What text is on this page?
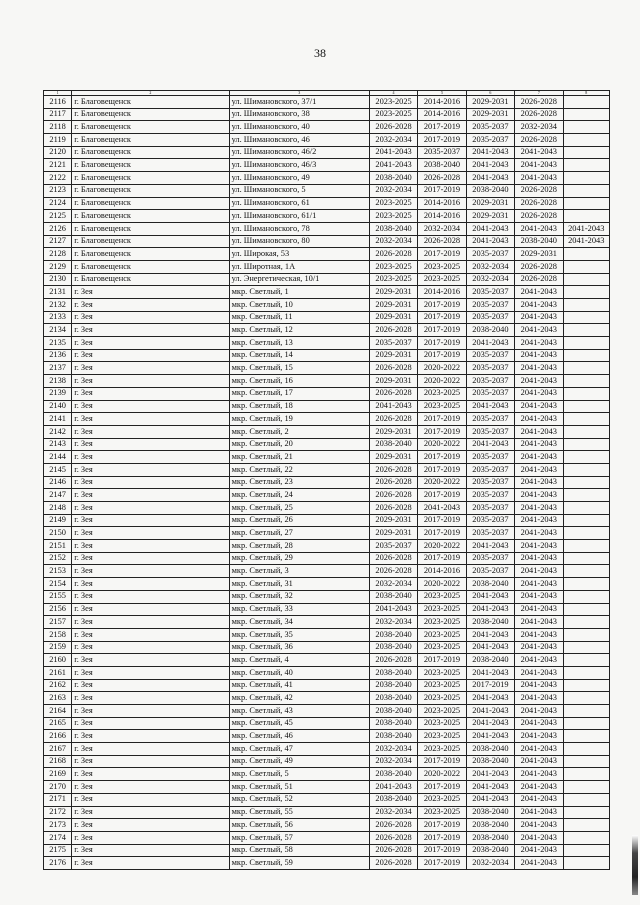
38
1	2	3	4	5	6	7	8
2116	г. Благовещенск	ул. Шимановского, 37/1	2023-2025	2014-2016	2029-2031	2026-2028	
2117	г. Благовещенск	ул. Шимановского, 38	2023-2025	2014-2016	2029-2031	2026-2028	
2118	г. Благовещенск	ул. Шимановского, 40	2026-2028	2017-2019	2035-2037	2032-2034	
2119	г. Благовещенск	ул. Шимановского, 46	2032-2034	2017-2019	2035-2037	2026-2028	
2120	г. Благовещенск	ул. Шимановского, 46/2	2041-2043	2035-2037	2041-2043	2041-2043	
2121	г. Благовещенск	ул. Шимановского, 46/3	2041-2043	2038-2040	2041-2043	2041-2043	
2122	г. Благовещенск	ул. Шимановского, 49	2038-2040	2026-2028	2041-2043	2041-2043	
2123	г. Благовещенск	ул. Шимановского, 5	2032-2034	2017-2019	2038-2040	2026-2028	
2124	г. Благовещенск	ул. Шимановского, 61	2023-2025	2014-2016	2029-2031	2026-2028	
2125	г. Благовещенск	ул. Шимановского, 61/1	2023-2025	2014-2016	2029-2031	2026-2028	
2126	г. Благовещенск	ул. Шимановского, 78	2038-2040	2032-2034	2041-2043	2041-2043	2041-2043
2127	г. Благовещенск	ул. Шимановского, 80	2032-2034	2026-2028	2041-2043	2038-2040	2041-2043
2128	г. Благовещенск	ул. Широкая, 53	2026-2028	2017-2019	2035-2037	2029-2031	
2129	г. Благовещенск	ул. Широтная, 1А	2023-2025	2023-2025	2032-2034	2026-2028	
2130	г. Благовещенск	ул. Энергетическая, 10/1	2023-2025	2023-2025	2032-2034	2026-2028	
2131	г. Зея	мкр. Светлый, 1	2029-2031	2014-2016	2035-2037	2041-2043	
2132	г. Зея	мкр. Светлый, 10	2029-2031	2017-2019	2035-2037	2041-2043	
2133	г. Зея	мкр. Светлый, 11	2029-2031	2017-2019	2035-2037	2041-2043	
2134	г. Зея	мкр. Светлый, 12	2026-2028	2017-2019	2038-2040	2041-2043	
2135	г. Зея	мкр. Светлый, 13	2035-2037	2017-2019	2041-2043	2041-2043	
2136	г. Зея	мкр. Светлый, 14	2029-2031	2017-2019	2035-2037	2041-2043	
2137	г. Зея	мкр. Светлый, 15	2026-2028	2020-2022	2035-2037	2041-2043	
2138	г. Зея	мкр. Светлый, 16	2029-2031	2020-2022	2035-2037	2041-2043	
2139	г. Зея	мкр. Светлый, 17	2026-2028	2023-2025	2035-2037	2041-2043	
2140	г. Зея	мкр. Светлый, 18	2041-2043	2023-2025	2041-2043	2041-2043	
2141	г. Зея	мкр. Светлый, 19	2026-2028	2017-2019	2035-2037	2041-2043	
2142	г. Зея	мкр. Светлый, 2	2029-2031	2017-2019	2035-2037	2041-2043	
2143	г. Зея	мкр. Светлый, 20	2038-2040	2020-2022	2041-2043	2041-2043	
2144	г. Зея	мкр. Светлый, 21	2029-2031	2017-2019	2035-2037	2041-2043	
2145	г. Зея	мкр. Светлый, 22	2026-2028	2017-2019	2035-2037	2041-2043	
2146	г. Зея	мкр. Светлый, 23	2026-2028	2020-2022	2035-2037	2041-2043	
2147	г. Зея	мкр. Светлый, 24	2026-2028	2017-2019	2035-2037	2041-2043	
2148	г. Зея	мкр. Светлый, 25	2026-2028	2041-2043	2035-2037	2041-2043	
2149	г. Зея	мкр. Светлый, 26	2029-2031	2017-2019	2035-2037	2041-2043	
2150	г. Зея	мкр. Светлый, 27	2029-2031	2017-2019	2035-2037	2041-2043	
2151	г. Зея	мкр. Светлый, 28	2035-2037	2020-2022	2041-2043	2041-2043	
2152	г. Зея	мкр. Светлый, 29	2026-2028	2017-2019	2035-2037	2041-2043	
2153	г. Зея	мкр. Светлый, 3	2026-2028	2014-2016	2035-2037	2041-2043	
2154	г. Зея	мкр. Светлый, 31	2032-2034	2020-2022	2038-2040	2041-2043	
2155	г. Зея	мкр. Светлый, 32	2038-2040	2023-2025	2041-2043	2041-2043	
2156	г. Зея	мкр. Светлый, 33	2041-2043	2023-2025	2041-2043	2041-2043	
2157	г. Зея	мкр. Светлый, 34	2032-2034	2023-2025	2038-2040	2041-2043	
2158	г. Зея	мкр. Светлый, 35	2038-2040	2023-2025	2041-2043	2041-2043	
2159	г. Зея	мкр. Светлый, 36	2038-2040	2023-2025	2041-2043	2041-2043	
2160	г. Зея	мкр. Светлый, 4	2026-2028	2017-2019	2038-2040	2041-2043	
2161	г. Зея	мкр. Светлый, 40	2038-2040	2023-2025	2041-2043	2041-2043	
2162	г. Зея	мкр. Светлый, 41	2038-2040	2023-2025	2017-2019	2041-2043	
2163	г. Зея	мкр. Светлый, 42	2038-2040	2023-2025	2041-2043	2041-2043	
2164	г. Зея	мкр. Светлый, 43	2038-2040	2023-2025	2041-2043	2041-2043	
2165	г. Зея	мкр. Светлый, 45	2038-2040	2023-2025	2041-2043	2041-2043	
2166	г. Зея	мкр. Светлый, 46	2038-2040	2023-2025	2041-2043	2041-2043	
2167	г. Зея	мкр. Светлый, 47	2032-2034	2023-2025	2038-2040	2041-2043	
2168	г. Зея	мкр. Светлый, 49	2032-2034	2017-2019	2038-2040	2041-2043	
2169	г. Зея	мкр. Светлый, 5	2038-2040	2020-2022	2041-2043	2041-2043	
2170	г. Зея	мкр. Светлый, 51	2041-2043	2017-2019	2041-2043	2041-2043	
2171	г. Зея	мкр. Светлый, 52	2038-2040	2023-2025	2041-2043	2041-2043	
2172	г. Зея	мкр. Светлый, 55	2032-2034	2023-2025	2038-2040	2041-2043	
2173	г. Зея	мкр. Светлый, 56	2026-2028	2017-2019	2038-2040	2041-2043	
2174	г. Зея	мкр. Светлый, 57	2026-2028	2017-2019	2038-2040	2041-2043	
2175	г. Зея	мкр. Светлый, 58	2026-2028	2017-2019	2038-2040	2041-2043	
2176	г. Зея	мкр. Светлый, 59	2026-2028	2017-2019	2032-2034	2041-2043	
